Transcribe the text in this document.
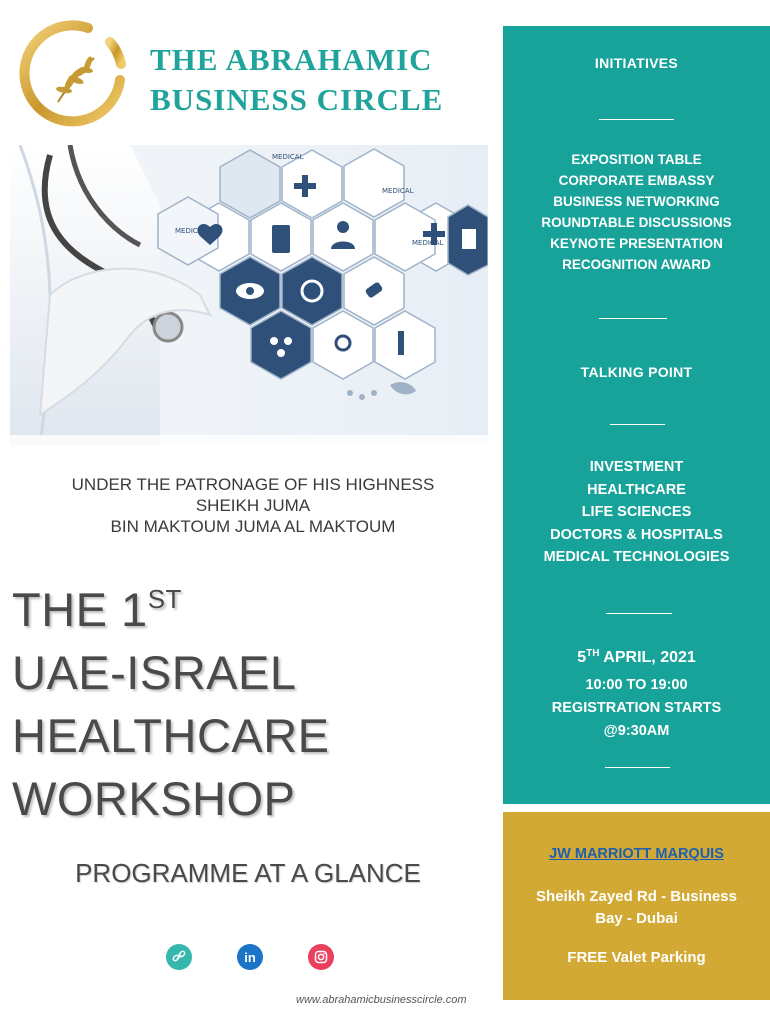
THE ABRAHAMIC
BUSINESS CIRCLE
MEDICAL
MEDICAL
MEDICAL
MEDICAL
UNDER THE PATRONAGE OF HIS HIGHNESS
SHEIKH JUMA
BIN MAKTOUM JUMA AL MAKTOUM
THE 1ST
UAE-ISRAEL
HEALTHCARE
WORKSHOP
PROGRAMME AT A GLANCE
in
www.abrahamicbusinesscircle.com
INITIATIVES
EXPOSITION TABLE
CORPORATE EMBASSY
BUSINESS NETWORKING
ROUNDTABLE DISCUSSIONS
KEYNOTE PRESENTATION
RECOGNITION AWARD
TALKING POINT
INVESTMENT
HEALTHCARE
LIFE SCIENCES
DOCTORS & HOSPITALS
MEDICAL TECHNOLOGIES
5TH APRIL, 2021
10:00 TO 19:00
REGISTRATION STARTS
@9:30AM
JW MARRIOTT MARQUIS
Sheikh Zayed Rd - Business
Bay - Dubai
FREE Valet Parking
